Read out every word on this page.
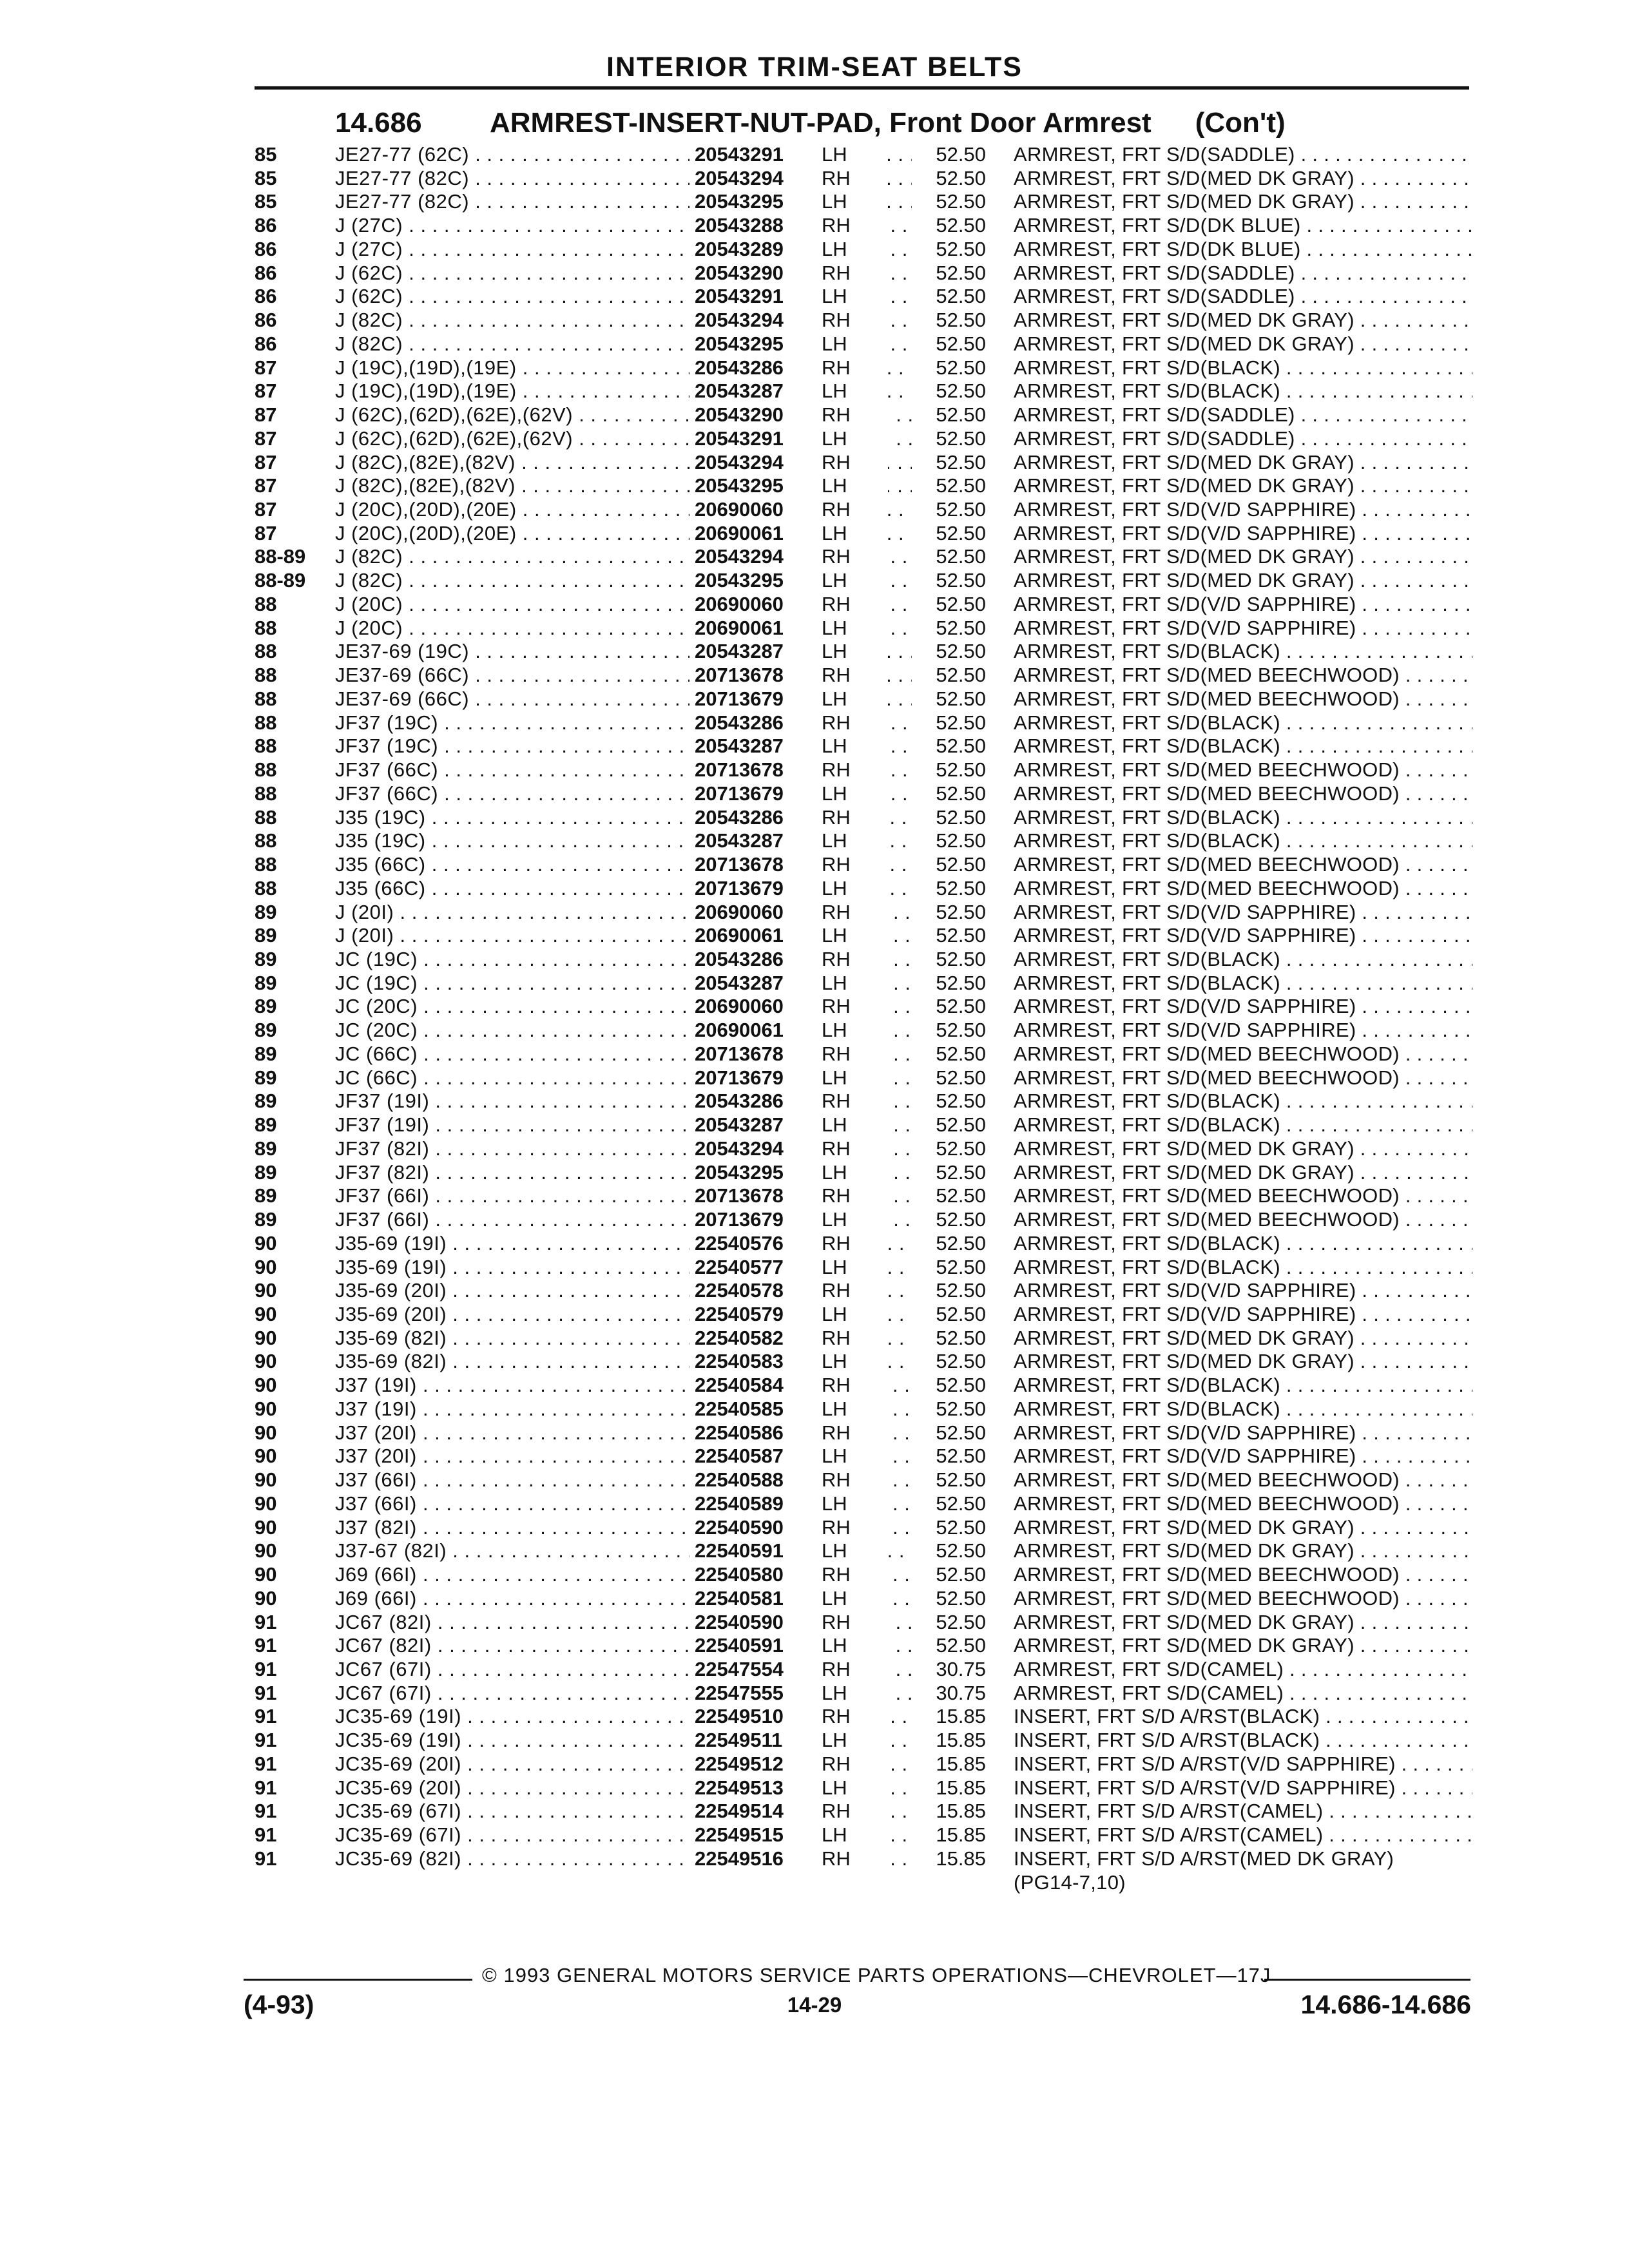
INTERIOR TRIM-SEAT BELTS
14.686 ARMREST-INSERT-NUT-PAD, Front Door Armrest (Con't)
85	JE27-77 (62C) . . .	20543291	LH	52.50 ARMREST, FRT S/D(SADDLE) . . .
85	JE27-77 (82C) . . .	20543294	RH	52.50 ARMREST, FRT S/D(MED DK GRAY) . . .
85	JE27-77 (82C) . . .	20543295	LH	52.50 ARMREST, FRT S/D(MED DK GRAY) . . .
86	J (27C) . . .	20543288	RH	52.50 ARMREST, FRT S/D(DK BLUE) . . .
86	J (27C) . . .	20543289	LH	52.50 ARMREST, FRT S/D(DK BLUE) . . .
86	J (62C) . . .	20543290	RH	52.50 ARMREST, FRT S/D(SADDLE) . . .
86	J (62C) . . .	20543291	LH	52.50 ARMREST, FRT S/D(SADDLE) . . .
86	J (82C) . . .	20543294	RH	52.50 ARMREST, FRT S/D(MED DK GRAY) . . .
86	J (82C) . . .	20543295	LH	52.50 ARMREST, FRT S/D(MED DK GRAY) . . .
87	J (19C),(19D),(19E) . . .	20543286	RH	52.50 ARMREST, FRT S/D(BLACK) . . .
87	J (19C),(19D),(19E) . . .	20543287	LH	52.50 ARMREST, FRT S/D(BLACK) . . .
87	J (62C),(62D),(62E),(62V) . . .	20543290	RH	52.50 ARMREST, FRT S/D(SADDLE) . . .
87	J (62C),(62D),(62E),(62V) . . .	20543291	LH	52.50 ARMREST, FRT S/D(SADDLE) . . .
87	J (82C),(82E),(82V) . . .	20543294	RH	52.50 ARMREST, FRT S/D(MED DK GRAY) . . .
87	J (82C),(82E),(82V) . . .	20543295	LH	52.50 ARMREST, FRT S/D(MED DK GRAY) . . .
87	J (20C),(20D),(20E) . . .	20690060	RH	52.50 ARMREST, FRT S/D(V/D SAPPHIRE) . . .
87	J (20C),(20D),(20E) . . .	20690061	LH	52.50 ARMREST, FRT S/D(V/D SAPPHIRE) . . .
88-89 J (82C) . . .	20543294	RH	52.50 ARMREST, FRT S/D(MED DK GRAY) . . .
88-89 J (82C) . . .	20543295	LH	52.50 ARMREST, FRT S/D(MED DK GRAY) . . .
88	J (20C) . . .	20690060	RH	52.50 ARMREST, FRT S/D(V/D SAPPHIRE) . . .
88	J (20C) . . .	20690061	LH	52.50 ARMREST, FRT S/D(V/D SAPPHIRE) . . .
88	JE37-69 (19C) . . .	20543287	LH	52.50 ARMREST, FRT S/D(BLACK) . . .
88	JE37-69 (66C) . . .	20713678	RH	52.50 ARMREST, FRT S/D(MED BEECHWOOD) . . .
88	JE37-69 (66C) . . .	20713679	LH	52.50 ARMREST, FRT S/D(MED BEECHWOOD) . . .
88	JF37 (19C) . . .	20543286	RH	52.50 ARMREST, FRT S/D(BLACK) . . .
88	JF37 (19C) . . .	20543287	LH	52.50 ARMREST, FRT S/D(BLACK) . . .
88	JF37 (66C) . . .	20713678	RH	52.50 ARMREST, FRT S/D(MED BEECHWOOD) . . .
88	JF37 (66C) . . .	20713679	LH	52.50 ARMREST, FRT S/D(MED BEECHWOOD) . . .
88	J35 (19C) . . .	20543286	RH	52.50 ARMREST, FRT S/D(BLACK) . . .
88	J35 (19C) . . .	20543287	LH	52.50 ARMREST, FRT S/D(BLACK) . . .
88	J35 (66C) . . .	20713678	RH	52.50 ARMREST, FRT S/D(MED BEECHWOOD) . . .
88	J35 (66C) . . .	20713679	LH	52.50 ARMREST, FRT S/D(MED BEECHWOOD) . . .
89	J (20I) . . .	20690060	RH	52.50 ARMREST, FRT S/D(V/D SAPPHIRE) . . .
89	J (20I) . . .	20690061	LH	52.50 ARMREST, FRT S/D(V/D SAPPHIRE) . . .
89	JC (19C) . . .	20543286	RH	52.50 ARMREST, FRT S/D(BLACK) . . .
89	JC (19C) . . .	20543287	LH	52.50 ARMREST, FRT S/D(BLACK) . . .
89	JC (20C) . . .	20690060	RH	52.50 ARMREST, FRT S/D(V/D SAPPHIRE) . . .
89	JC (20C) . . .	20690061	LH	52.50 ARMREST, FRT S/D(V/D SAPPHIRE) . . .
89	JC (66C) . . .	20713678	RH	52.50 ARMREST, FRT S/D(MED BEECHWOOD) . . .
89	JC (66C) . . .	20713679	LH	52.50 ARMREST, FRT S/D(MED BEECHWOOD) . . .
89	JF37 (19I) . . .	20543286	RH	52.50 ARMREST, FRT S/D(BLACK) . . .
89	JF37 (19I) . . .	20543287	LH	52.50 ARMREST, FRT S/D(BLACK) . . .
89	JF37 (82I) . . .	20543294	RH	52.50 ARMREST, FRT S/D(MED DK GRAY) . . .
89	JF37 (82I) . . .	20543295	LH	52.50 ARMREST, FRT S/D(MED DK GRAY) . . .
89	JF37 (66I) . . .	20713678	RH	52.50 ARMREST, FRT S/D(MED BEECHWOOD) . . .
89	JF37 (66I) . . .	20713679	LH	52.50 ARMREST, FRT S/D(MED BEECHWOOD) . . .
90	J35-69 (19I) . . .	22540576	RH	52.50 ARMREST, FRT S/D(BLACK) . . .
90	J35-69 (19I) . . .	22540577	LH	52.50 ARMREST, FRT S/D(BLACK) . . .
90	J35-69 (20I) . . .	22540578	RH	52.50 ARMREST, FRT S/D(V/D SAPPHIRE) . . .
90	J35-69 (20I) . . .	22540579	LH	52.50 ARMREST, FRT S/D(V/D SAPPHIRE) . . .
90	J35-69 (82I) . . .	22540582	RH	52.50 ARMREST, FRT S/D(MED DK GRAY) . . .
90	J35-69 (82I) . . .	22540583	LH	52.50 ARMREST, FRT S/D(MED DK GRAY) . . .
90	J37 (19I) . . .	22540584	RH	52.50 ARMREST, FRT S/D(BLACK) . . .
90	J37 (19I) . . .	22540585	LH	52.50 ARMREST, FRT S/D(BLACK) . . .
90	J37 (20I) . . .	22540586	RH	52.50 ARMREST, FRT S/D(V/D SAPPHIRE) . . .
90	J37 (20I) . . .	22540587	LH	52.50 ARMREST, FRT S/D(V/D SAPPHIRE) . . .
90	J37 (66I) . . .	22540588	RH	52.50 ARMREST, FRT S/D(MED BEECHWOOD) . . .
90	J37 (66I) . . .	22540589	LH	52.50 ARMREST, FRT S/D(MED BEECHWOOD) . . .
90	J37 (82I) . . .	22540590	RH	52.50 ARMREST, FRT S/D(MED DK GRAY) . . .
90	J37-67 (82I) . . .	22540591	LH	52.50 ARMREST, FRT S/D(MED DK GRAY) . . .
90	J69 (66I) . . .	22540580	RH	52.50 ARMREST, FRT S/D(MED BEECHWOOD) . . .
90	J69 (66I) . . .	22540581	LH	52.50 ARMREST, FRT S/D(MED BEECHWOOD) . . .
91	JC67 (82I) . . .	22540590	RH	52.50 ARMREST, FRT S/D(MED DK GRAY) . . .
91	JC67 (82I) . . .	22540591	LH	52.50 ARMREST, FRT S/D(MED DK GRAY) . . .
91	JC67 (67I) . . .	22547554	RH	30.75 ARMREST, FRT S/D(CAMEL) . . .
91	JC67 (67I) . . .	22547555	LH	30.75 ARMREST, FRT S/D(CAMEL) . . .
91	JC35-69 (19I) . . .	22549510	RH	15.85 INSERT, FRT S/D A/RST(BLACK) . . .
91	JC35-69 (19I) . . .	22549511	LH	15.85 INSERT, FRT S/D A/RST(BLACK) . . .
91	JC35-69 (20I) . . .	22549512	RH	15.85 INSERT, FRT S/D A/RST(V/D SAPPHIRE) . . .
91	JC35-69 (20I) . . .	22549513	LH	15.85 INSERT, FRT S/D A/RST(V/D SAPPHIRE) . . .
91	JC35-69 (67I) . . .	22549514	RH	15.85 INSERT, FRT S/D A/RST(CAMEL) . . .
91	JC35-69 (67I) . . .	22549515	LH	15.85 INSERT, FRT S/D A/RST(CAMEL) . . .
91	JC35-69 (82I) . . .	22549516	RH	15.85 INSERT, FRT S/D A/RST(MED DK GRAY)
(PG14-7,10)
© 1993 GENERAL MOTORS SERVICE PARTS OPERATIONS—CHEVROLET—17J
(4-93)	14-29	14.686-14.686
